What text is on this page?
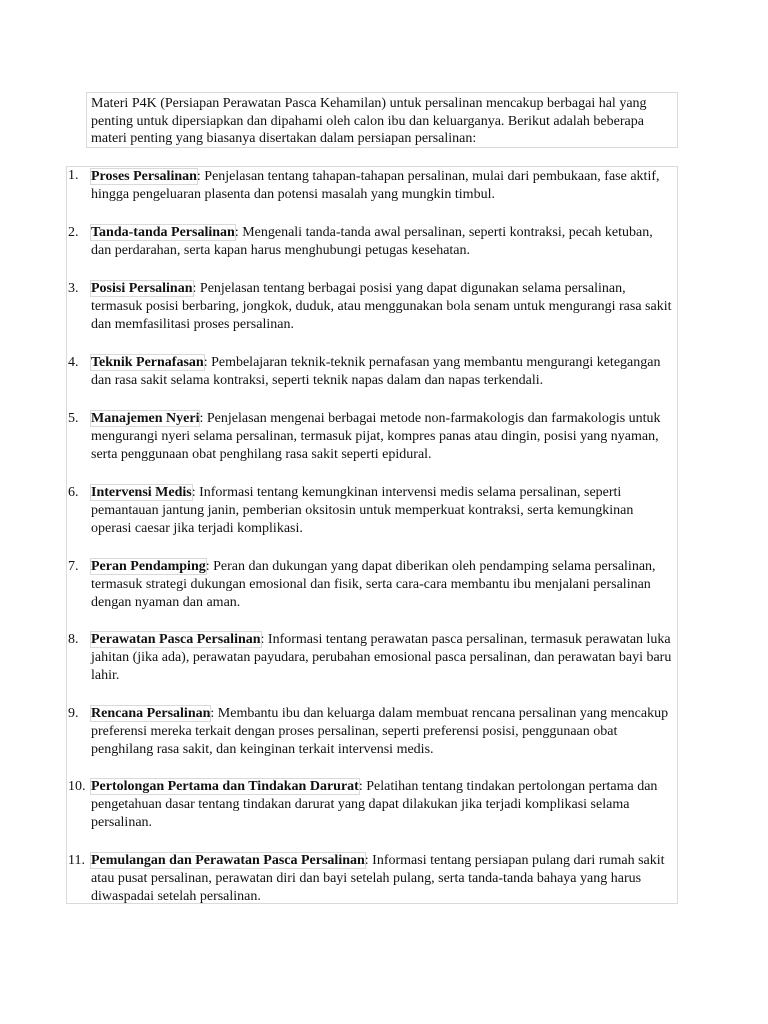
Materi P4K (Persiapan Perawatan Pasca Kehamilan) untuk persalinan mencakup berbagai hal yang penting untuk dipersiapkan dan dipahami oleh calon ibu dan keluarganya. Berikut adalah beberapa materi penting yang biasanya disertakan dalam persiapan persalinan:
1. Proses Persalinan: Penjelasan tentang tahapan-tahapan persalinan, mulai dari pembukaan, fase aktif, hingga pengeluaran plasenta dan potensi masalah yang mungkin timbul.
2. Tanda-tanda Persalinan: Mengenali tanda-tanda awal persalinan, seperti kontraksi, pecah ketuban, dan perdarahan, serta kapan harus menghubungi petugas kesehatan.
3. Posisi Persalinan: Penjelasan tentang berbagai posisi yang dapat digunakan selama persalinan, termasuk posisi berbaring, jongkok, duduk, atau menggunakan bola senam untuk mengurangi rasa sakit dan memfasilitasi proses persalinan.
4. Teknik Pernafasan: Pembelajaran teknik-teknik pernafasan yang membantu mengurangi ketegangan dan rasa sakit selama kontraksi, seperti teknik napas dalam dan napas terkendali.
5. Manajemen Nyeri: Penjelasan mengenai berbagai metode non-farmakologis dan farmakologis untuk mengurangi nyeri selama persalinan, termasuk pijat, kompres panas atau dingin, posisi yang nyaman, serta penggunaan obat penghilang rasa sakit seperti epidural.
6. Intervensi Medis: Informasi tentang kemungkinan intervensi medis selama persalinan, seperti pemantauan jantung janin, pemberian oksitosin untuk memperkuat kontraksi, serta kemungkinan operasi caesar jika terjadi komplikasi.
7. Peran Pendamping: Peran dan dukungan yang dapat diberikan oleh pendamping selama persalinan, termasuk strategi dukungan emosional dan fisik, serta cara-cara membantu ibu menjalani persalinan dengan nyaman dan aman.
8. Perawatan Pasca Persalinan: Informasi tentang perawatan pasca persalinan, termasuk perawatan luka jahitan (jika ada), perawatan payudara, perubahan emosional pasca persalinan, dan perawatan bayi baru lahir.
9. Rencana Persalinan: Membantu ibu dan keluarga dalam membuat rencana persalinan yang mencakup preferensi mereka terkait dengan proses persalinan, seperti preferensi posisi, penggunaan obat penghilang rasa sakit, dan keinginan terkait intervensi medis.
10. Pertolongan Pertama dan Tindakan Darurat: Pelatihan tentang tindakan pertolongan pertama dan pengetahuan dasar tentang tindakan darurat yang dapat dilakukan jika terjadi komplikasi selama persalinan.
11. Pemulangan dan Perawatan Pasca Persalinan: Informasi tentang persiapan pulang dari rumah sakit atau pusat persalinan, perawatan diri dan bayi setelah pulang, serta tanda-tanda bahaya yang harus diwaspadai setelah persalinan.
